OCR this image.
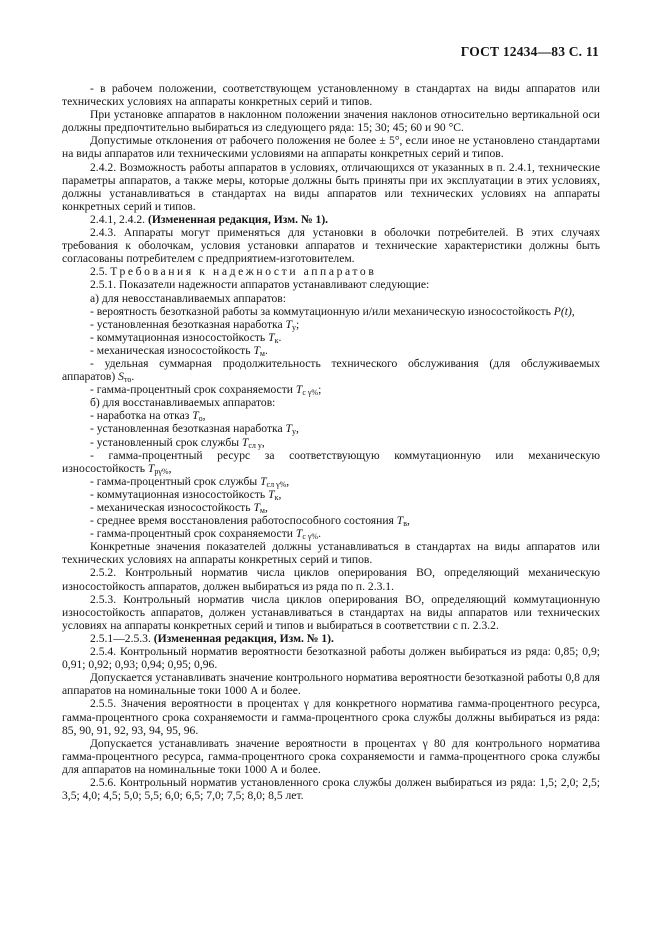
ГОСТ 12434—83 С. 11

- в рабочем положении, соответствующем установленному в стандартах на виды аппаратов или технических условиях на аппараты конкретных серий и типов.

При установке аппаратов в наклонном положении значения наклонов относительно вертикальной оси должны предпочтительно выбираться из следующего ряда: 15; 30; 45; 60 и 90 °С.

Допустимые отклонения от рабочего положения не более ± 5°, если иное не установлено стандартами на виды аппаратов или техническими условиями на аппараты конкретных серий и типов.

2.4.2. Возможность работы аппаратов в условиях, отличающихся от указанных в п. 2.4.1, технические параметры аппаратов, а также меры, которые должны быть приняты при их эксплуатации в этих условиях, должны устанавливаться в стандартах на виды аппаратов или технических условиях на аппараты конкретных серий и типов.

2.4.1, 2.4.2. (Измененная редакция, Изм. № 1).

2.4.3. Аппараты могут применяться для установки в оболочки потребителей. В этих случаях требования к оболочкам, условия установки аппаратов и технические характеристики должны быть согласованы потребителем с предприятием-изготовителем.

2.5. Требования к надежности аппаратов

2.5.1. Показатели надежности аппаратов устанавливают следующие:

а) для невосстанавливаемых аппаратов:

- вероятность безотказной работы за коммутационную и/или механическую износостойкость P(t),

- установленная безотказная наработка $T_у$;

- коммутационная износостойкость $T_к$.

- механическая износостойкость $T_м$.

- удельная суммарная продолжительность технического обслуживания (для обслуживаемых аппаратов) $S_{то}$.

- гамма-процентный срок сохраняемости $T_{с \gamma\%}$;

б) для восстанавливаемых аппаратов:

- наработка на отказ $T_о$,

- установленная безотказная наработка $T_у$,

- установленный срок службы $T_{сл у}$,

- гамма-процентный ресурс за соответствующую коммутационную или механическую износостойкость $T_{р\gamma\%}$,

- гамма-процентный срок службы $T_{сл \gamma\%}$,

- коммутационная износостойкость $T_к$,

- механическая износостойкость $T_м$,

- среднее время восстановления работоспособного состояния $T_в$,

- гамма-процентный срок сохраняемости $T_{с \gamma\%}$.

Конкретные значения показателей должны устанавливаться в стандартах на виды аппаратов или технических условиях на аппараты конкретных серий и типов.

2.5.2. Контрольный норматив числа циклов оперирования ВО, определяющий механическую износостойкость аппаратов, должен выбираться из ряда по п. 2.3.1.

2.5.3. Контрольный норматив числа циклов оперирования ВО, определяющий коммутационную износостойкость аппаратов, должен устанавливаться в стандартах на виды аппаратов или технических условиях на аппараты конкретных серий и типов и выбираться в соответствии с п. 2.3.2.

2.5.1—2.5.3. (Измененная редакция, Изм. № 1).

2.5.4. Контрольный норматив вероятности безотказной работы должен выбираться из ряда: 0,85; 0,9; 0,91; 0,92; 0,93; 0,94; 0,95; 0,96.

Допускается устанавливать значение контрольного норматива вероятности безотказной работы 0,8 для аппаратов на номинальные токи 1000 А и более.

2.5.5. Значения вероятности в процентах γ для конкретного норматива гамма-процентного ресурса, гамма-процентного срока сохраняемости и гамма-процентного срока службы должны выбираться из ряда: 85, 90, 91, 92, 93, 94, 95, 96.

Допускается устанавливать значение вероятности в процентах γ 80 для контрольного норматива гамма-процентного ресурса, гамма-процентного срока сохраняемости и гамма-процентного срока службы для аппаратов на номинальные токи 1000 А и более.

2.5.6. Контрольный норматив установленного срока службы должен выбираться из ряда: 1,5; 2,0; 2,5; 3,5; 4,0; 4,5; 5,0; 5,5; 6,0; 6,5; 7,0; 7,5; 8,0; 8,5 лет.
